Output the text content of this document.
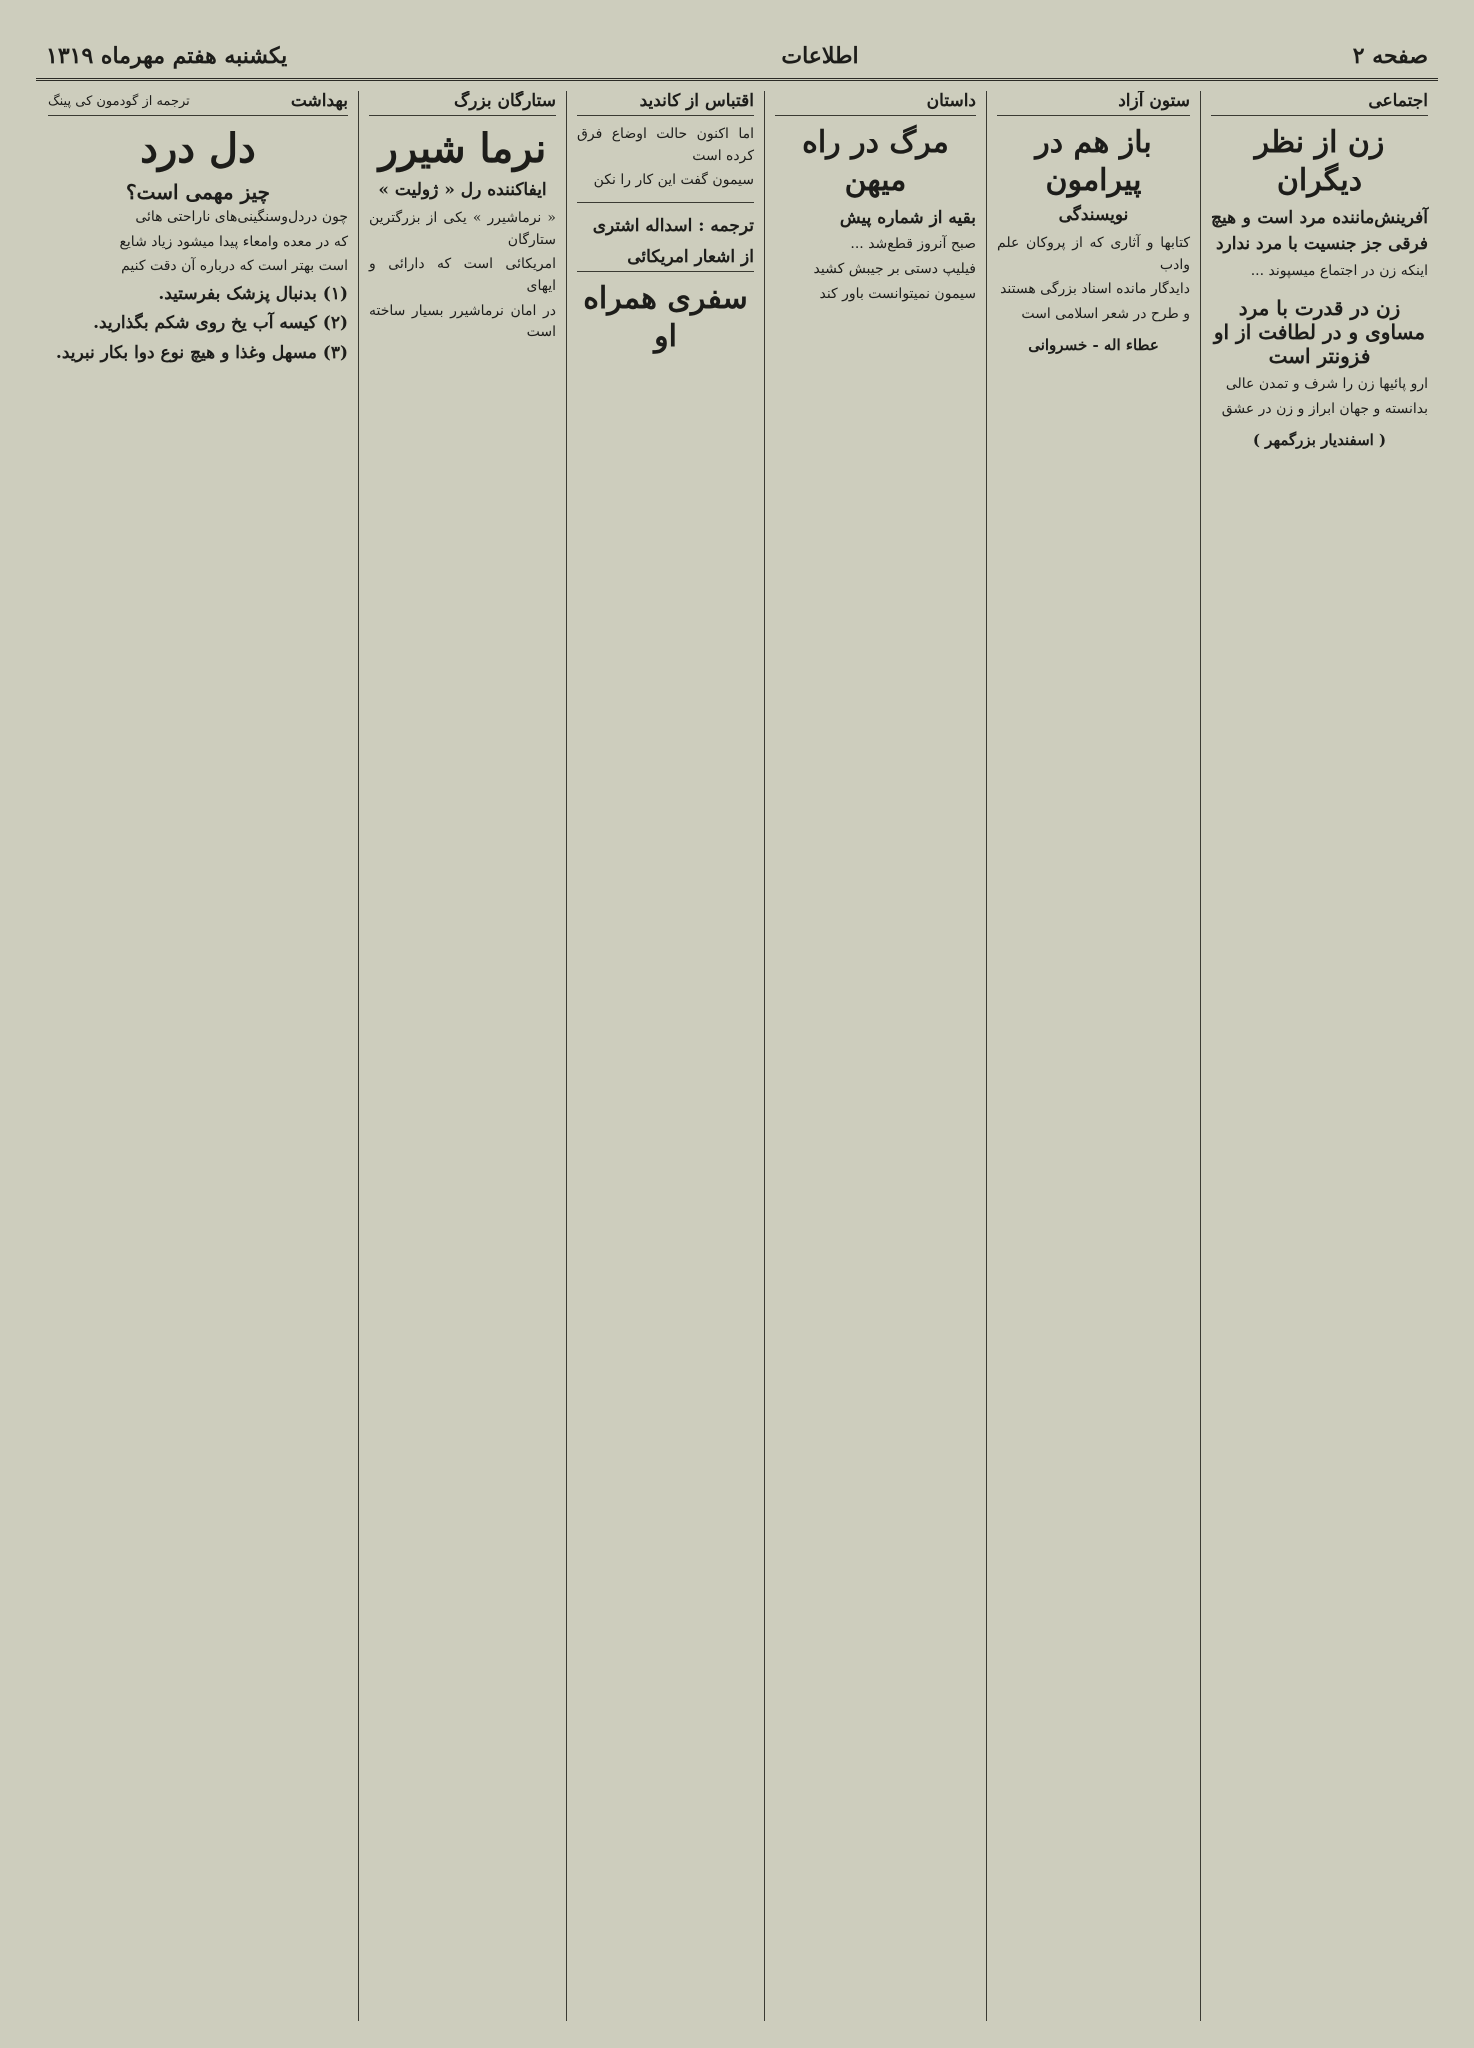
صفحه ۲
اطلاعات
یکشنبه هفتم مهرماه ۱۳۱۹
اجتماعی
زن از نظر دیگران
آفرینش‌ماننده مرد است و هیچ فرقی جز جنسیت با مرد ندارد
اینکه زن در اجتماع میسپوند ...
زن در قدرت با مرد مساوی و در لطافت از او فزونتر است
ارو پائیها زن را شرف و تمدن عالی
بدانسته و جهان ابراز و زن در عشق
( اسفندیار بزرگمهر )
ستون آزاد
باز هم در پیرامون
نویسندگی
کتابها و آثاری که از پروکان علم وادب
دایدگار مانده اسناد بزرگی هستند
و طرح در شعر اسلامی است
عطاء اله - خسروانی
داستان
مرگ در راه میهن
بقیه از شماره پیش
صبح آنروز قطع‌شد ...
فیلیپ دستی بر جیبش کشید
سیمون نمیتوانست باور کند
اقتباس از کاندید
اما اکنون حالت اوضاع فرق کرده است
سیمون گفت این کار را نکن
ترجمه : اسداله اشتری
از اشعار امریکائی
سفری همراه او
ستارگان بزرگ
نرما شیرر
ایفاکننده رل « ژولیت »
« نرماشیرر » یکی از بزرگترین ستارگان
امریکائی است که دارائی و ایهای
در امان نرماشیرر بسیار ساخته است
بهداشت
ترجمه از گودمون کی پینگ
دل درد
چیز مهمی است؟
چون دردل‌وسنگینی‌های ناراحتی هائی
که در معده وامعاء پیدا میشود زیاد شایع
است بهتر است که درباره آن دقت کنیم
(۱) بدنبال پزشک بفرستید.
(۲) کیسه آب یخ روی شکم بگذارید.
(۳) مسهل وغذا و هیچ نوع دوا بکار نبرید.
